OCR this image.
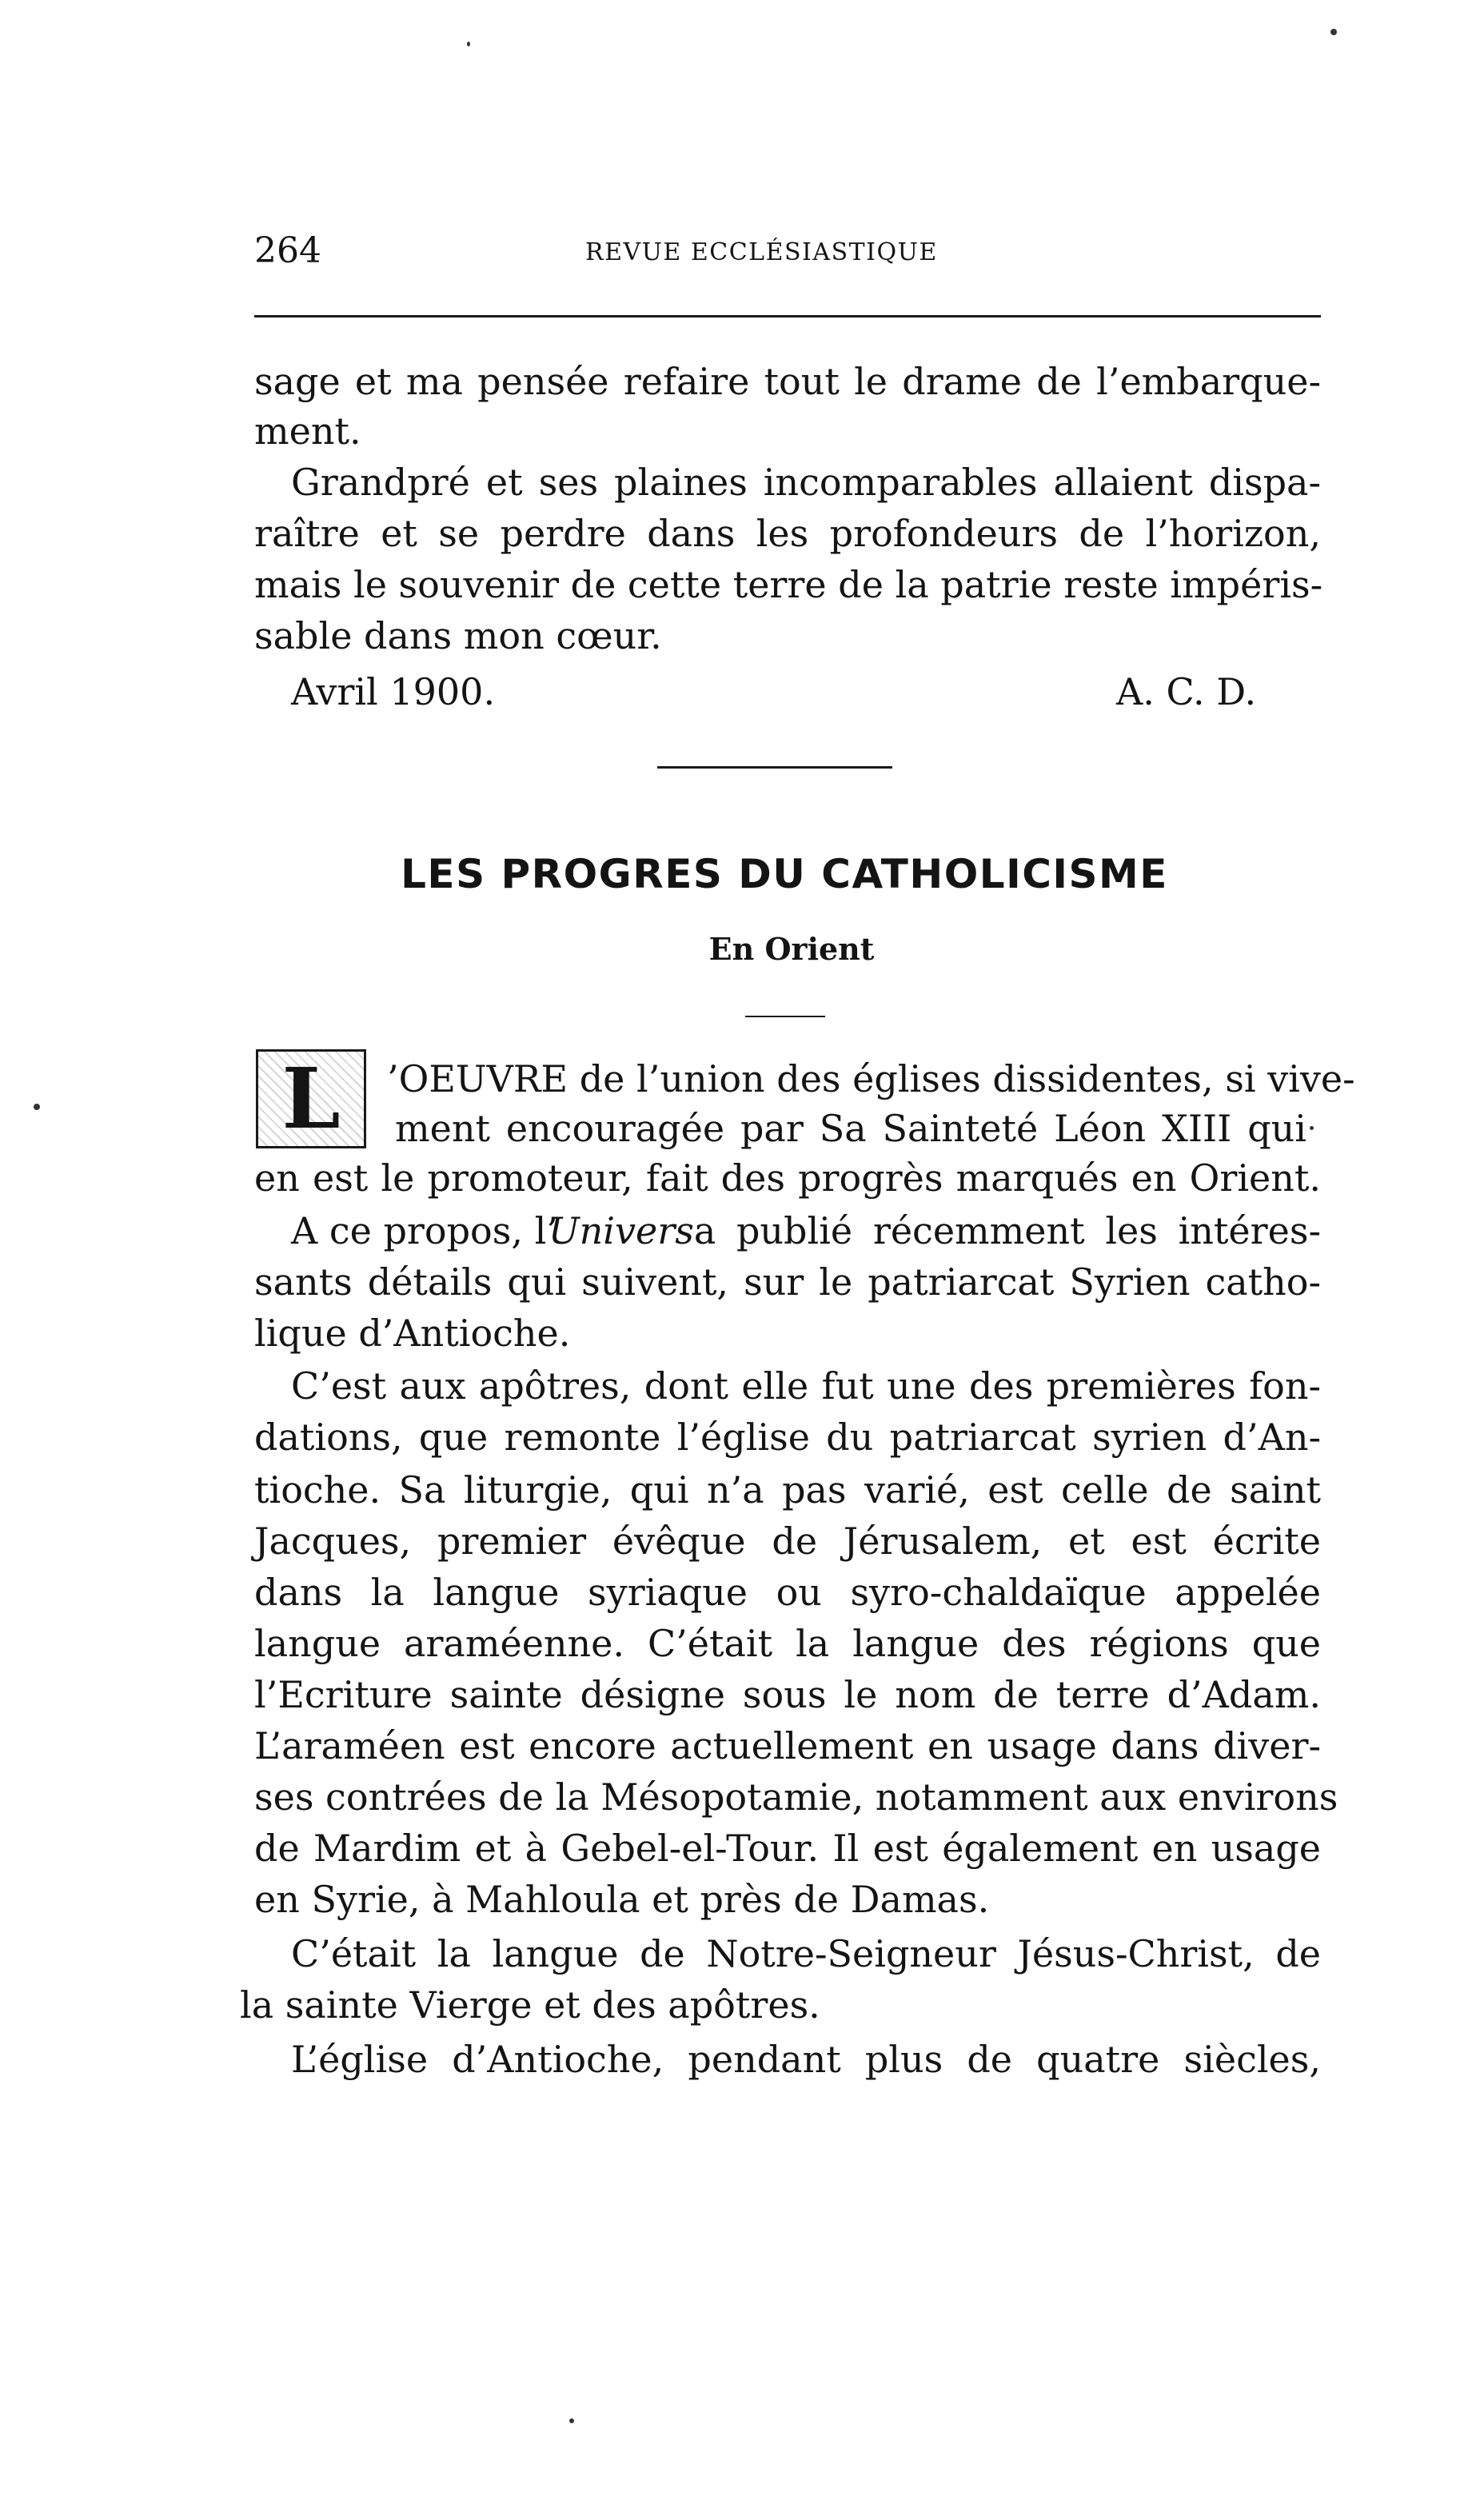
264	REVUE ECCLÉSIASTIQUE
sage et ma pensée refaire tout le drame de l’embarque-
ment.
Grandpré et ses plaines incomparables allaient dispa-
raître et se perdre dans les profondeurs de l’horizon,
mais le souvenir de cette terre de la patrie reste impéris-
sable dans mon cœur.
Avril 1900.	A. C. D.
LES PROGRES DU CATHOLICISME
En Orient
L	’OEUVRE de l’union des églises dissidentes, si vive-
ment encouragée par Sa Sainteté Léon XIII qui
en est le promoteur, fait des progrès marqués en Orient.
A ce propos, l’
Univers a publié récemment les intéres-
sants détails qui suivent, sur le patriarcat Syrien catho-
lique d’Antioche.
C’est aux apôtres, dont elle fut une des premières fon-
dations, que remonte l’église du patriarcat syrien d’An-
tioche. Sa liturgie, qui n’a pas varié, est celle de saint
Jacques, premier évêque de Jérusalem, et est écrite
dans la langue syriaque ou syro-chaldaïque appelée
langue araméenne. C’était la langue des régions que
l’Ecriture sainte désigne sous le nom de terre d’Adam.
L’araméen est encore actuellement en usage dans diver-
ses contrées de la Mésopotamie, notamment aux environs
de Mardim et à Gebel-el-Tour. Il est également en usage
en Syrie, à Mahloula et près de Damas.
C’était la langue de Notre-Seigneur Jésus-Christ, de
la sainte Vierge et des apôtres.
L’église d’Antioche, pendant plus de quatre siècles,
